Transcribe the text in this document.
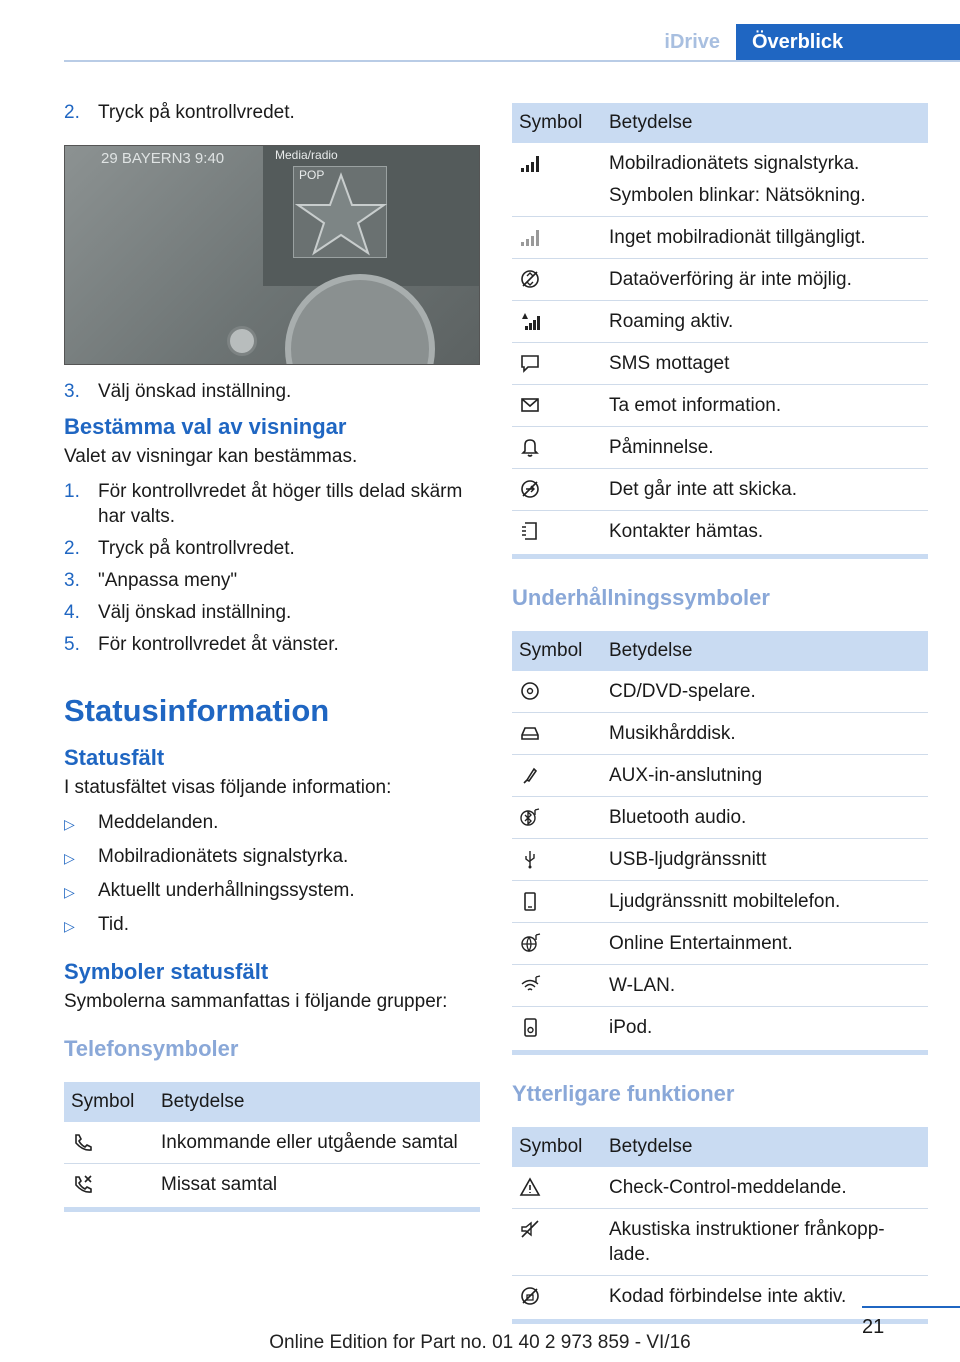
iDrive	Överblick
2. Tryck på kontrollvredet.
29 BAYERN3 9:40	Media/radio
POP
3. Välj önskad inställning.
Bestämma val av visningar

Valet av visningar kan bestämmas.

1. För kontrollvredet åt höger tills delad skärm har valts.
2. Tryck på kontrollvredet.
3. "Anpassa meny"
4. Välj önskad inställning.
5. För kontrollvredet åt vänster.
Statusinformation
Statusfält

I statusfältet visas följande information:

▷	Meddelanden.
▷	Mobilradionätets signalstyrka.
▷	Aktuellt underhållningssystem.
▷	Tid.
Symboler statusfält

Symbolerna sammanfattas i följande grupper:

Telefonsymboler
Symbol	Betydelse

Inkommande eller utgående samtal

Missat samtal
Symbol	Betydelse

Mobilradionätets signalstyrka.
Symbolen blinkar: Nätsökning.

Inget mobilradionät tillgängligt.

Dataöverföring är inte möjlig.

Roaming aktiv.

SMS mottaget

Ta emot information.

Påminnelse.

Det går inte att skicka.

Kontakter hämtas.
Underhållningssymboler
Symbol	Betydelse

CD/DVD-spelare.

Musikhårddisk.

AUX-in-anslutning

Bluetooth audio.

USB-ljudgränssnitt

Ljudgränssnitt mobiltelefon.

Online Entertainment.

W-LAN.

iPod.
Ytterligare funktioner
Symbol	Betydelse

Check-Control-meddelande.

Akustiska instruktioner frånkopp-
lade.

Kodad förbindelse inte aktiv.
21
Online Edition for Part no. 01 40 2 973 859 - VI/16
